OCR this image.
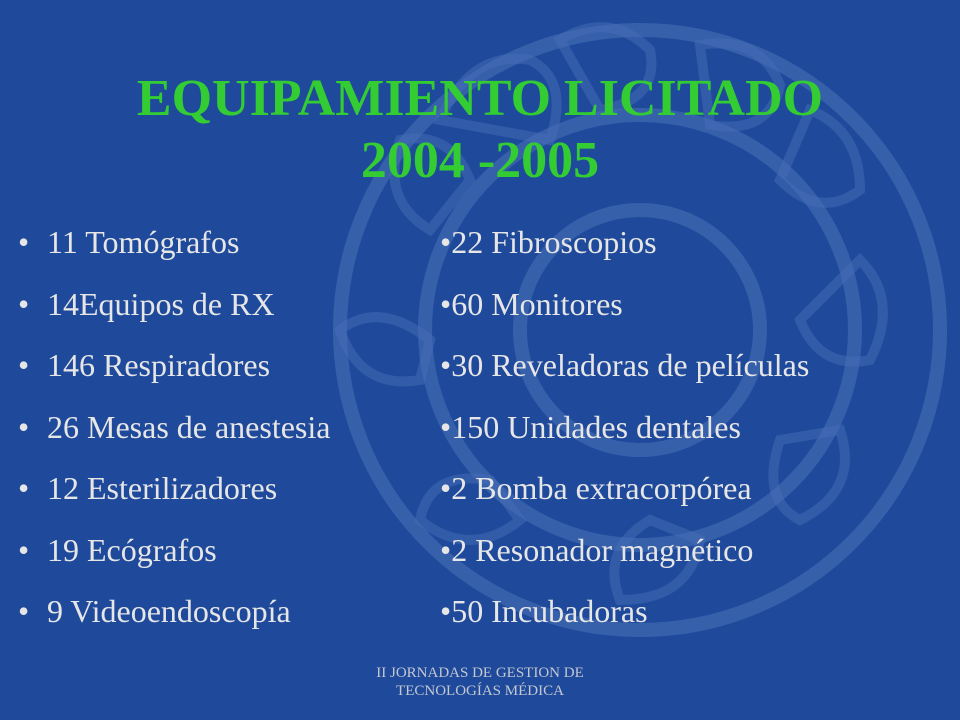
EQUIPAMIENTO LICITADO
2004 -2005
• 11 Tomógrafos
• 14Equipos de RX
• 146 Respiradores
• 26 Mesas de anestesia
• 12 Esterilizadores
• 19 Ecógrafos
• 9 Videoendoscopía
•22 Fibroscopios
•60 Monitores
•30 Reveladoras de películas
•150 Unidades dentales
•2 Bomba extracorpórea
•2 Resonador magnético
•50 Incubadoras
II JORNADAS DE GESTION DE
TECNOLOGÍAS MÉDICA
